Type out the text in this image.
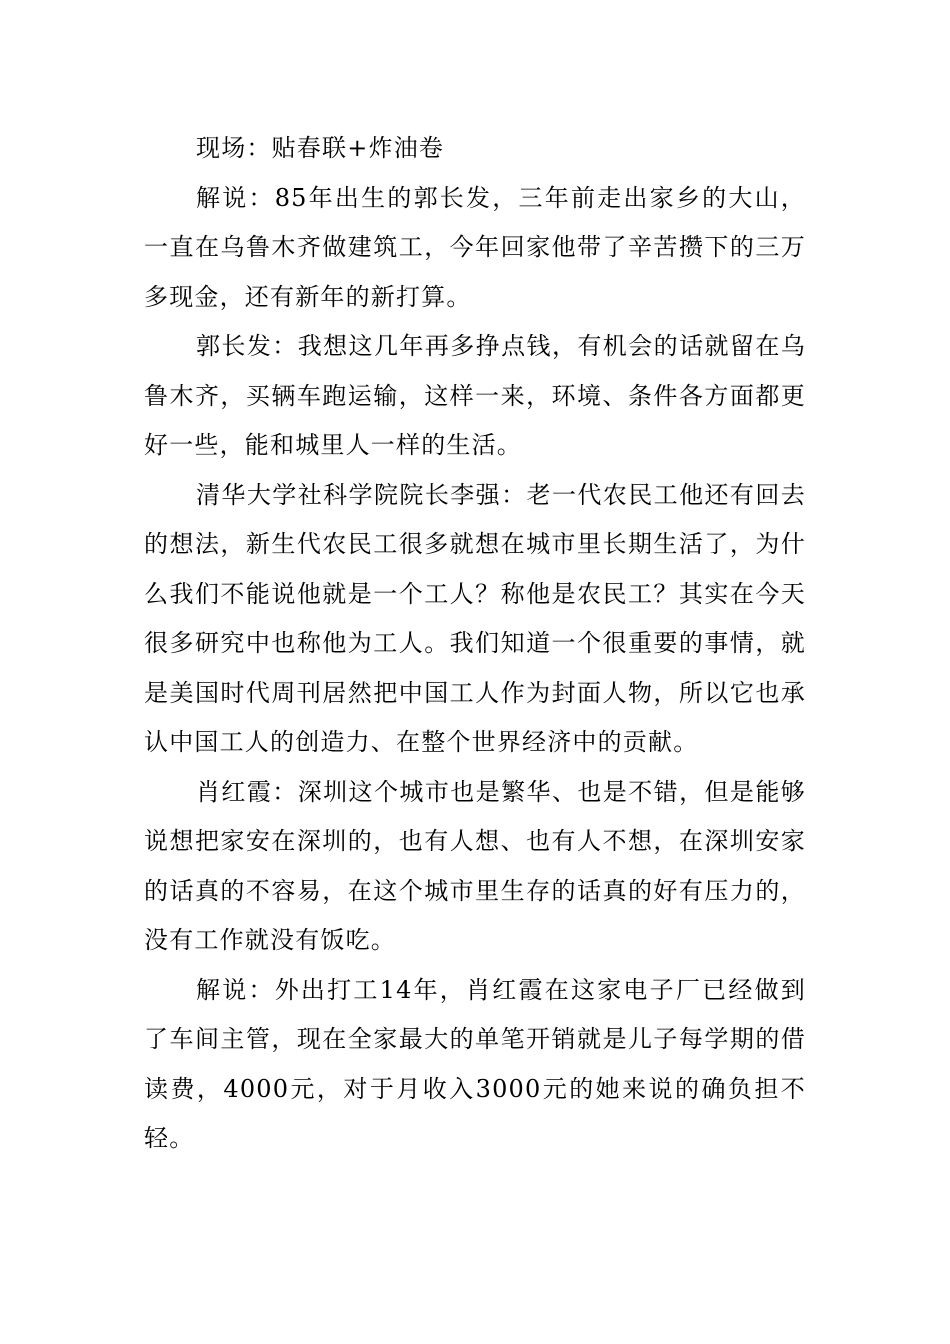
现场：贴春联+炸油卷

解说：85年出生的郭长发，三年前走出家乡的大山，一直在乌鲁木齐做建筑工，今年回家他带了辛苦攒下的三万多现金，还有新年的新打算。

郭长发：我想这几年再多挣点钱，有机会的话就留在乌鲁木齐，买辆车跑运输，这样一来，环境、条件各方面都更好一些，能和城里人一样的生活。

清华大学社科学院院长李强：老一代农民工他还有回去的想法，新生代农民工很多就想在城市里长期生活了，为什么我们不能说他就是一个工人？称他是农民工？其实在今天很多研究中也称他为工人。我们知道一个很重要的事情，就是美国时代周刊居然把中国工人作为封面人物，所以它也承认中国工人的创造力、在整个世界经济中的贡献。

肖红霞：深圳这个城市也是繁华、也是不错，但是能够说想把家安在深圳的，也有人想、也有人不想，在深圳安家的话真的不容易，在这个城市里生存的话真的好有压力的，没有工作就没有饭吃。

解说：外出打工14年，肖红霞在这家电子厂已经做到了车间主管，现在全家最大的单笔开销就是儿子每学期的借读费，4000元，对于月收入3000元的她来说的确负担不轻。
